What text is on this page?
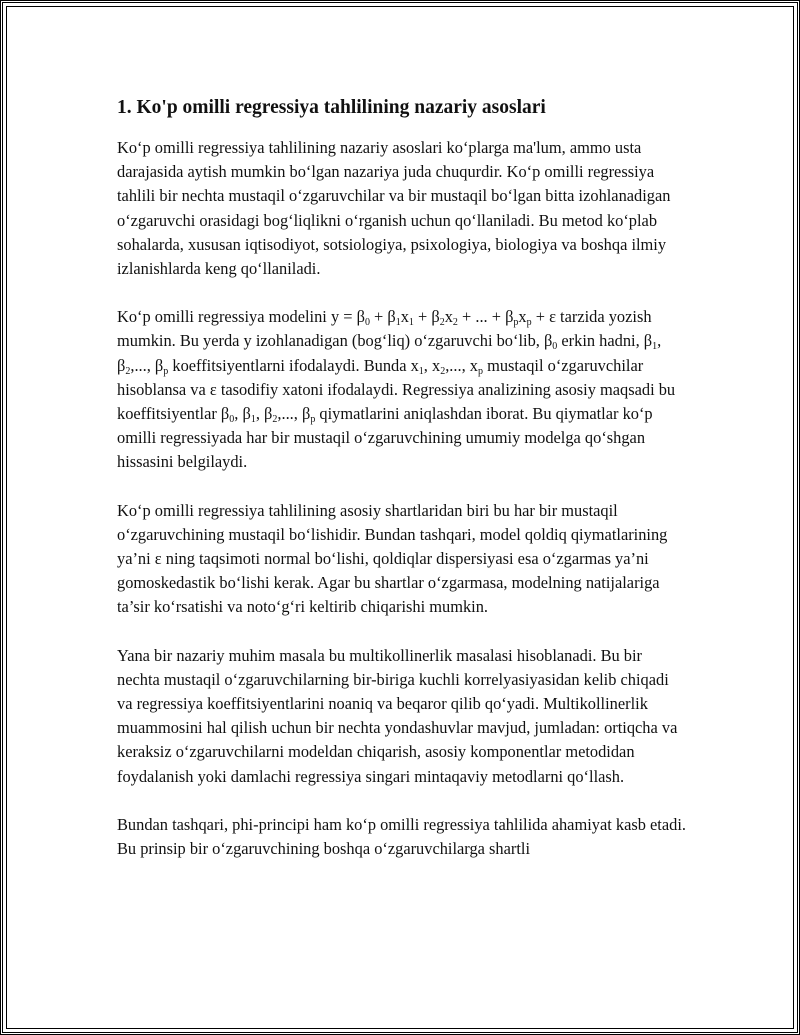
1. Ko'p omilli regressiya tahlilining nazariy asoslari

Ko‘p omilli regressiya tahlilining nazariy asoslari ko‘plarga ma'lum, ammo usta darajasida aytish mumkin bo‘lgan nazariya juda chuqurdir. Ko‘p omilli regressiya tahlili bir nechta mustaqil o‘zgaruvchilar va bir mustaqil bo‘lgan bitta izohlanadigan o‘zgaruvchi orasidagi bog‘liqlikni o‘rganish uchun qo‘llaniladi. Bu metod ko‘plab sohalarda, xususan iqtisodiyot, sotsiologiya, psixologiya, biologiya va boshqa ilmiy izlanishlarda keng qo‘llaniladi.

Ko‘p omilli regressiya modelini $y = \beta_0 + \beta_1x_1 + \beta_2x_2$ + ... + $\beta_px_p + \varepsilon$ tarzida yozish mumkin. Bu yerda y izohlanadigan (bog‘liq) o‘zgaruvchi bo‘lib, $\beta_0$ erkin hadni, $\beta_1$, $\beta_2$,..., $\beta_p$ koeffitsiyentlarni ifodalaydi. Bunda $x_1$, $x_2$,..., $x_p$ mustaqil o‘zgaruvchilar hisoblansa va ε tasodifiy xatoni ifodalaydi. Regressiya analizining asosiy maqsadi bu koeffitsiyentlar $\beta_0$, $\beta_1$, $\beta_2$,..., $\beta_p$ qiymatlarini aniqlashdan iborat. Bu qiymatlar ko‘p omilli regressiyada har bir mustaqil o‘zgaruvchining umumiy modelga qo‘shgan hissasini belgilaydi.

Ko‘p omilli regressiya tahlilining asosiy shartlaridan biri bu har bir mustaqil o‘zgaruvchining mustaqil bo‘lishidir. Bundan tashqari, model qoldiq qiymatlarining ya’ni ε ning taqsimoti normal bo‘lishi, qoldiqlar dispersiyasi esa o‘zgarmas ya’ni gomoskedastik bo‘lishi kerak. Agar bu shartlar o‘zgarmasa, modelning natijalariga ta’sir ko‘rsatishi va noto‘g‘ri keltirib chiqarishi mumkin.

Yana bir nazariy muhim masala bu multikollinerlik masalasi hisoblanadi. Bu bir nechta mustaqil o‘zgaruvchilarning bir-biriga kuchli korrelyasiyasidan kelib chiqadi va regressiya koeffitsiyentlarini noaniq va beqaror qilib qo‘yadi. Multikollinerlik muammosini hal qilish uchun bir nechta yondashuvlar mavjud, jumladan: ortiqcha va keraksiz o‘zgaruvchilarni modeldan chiqarish, asosiy komponentlar metodidan foydalanish yoki damlachi regressiya singari mintaqaviy metodlarni qo‘llash.

Bundan tashqari, phi-principi ham ko‘p omilli regressiya tahlilida ahamiyat kasb etadi. Bu prinsip bir o‘zgaruvchining boshqa o‘zgaruvchilarga shartli
